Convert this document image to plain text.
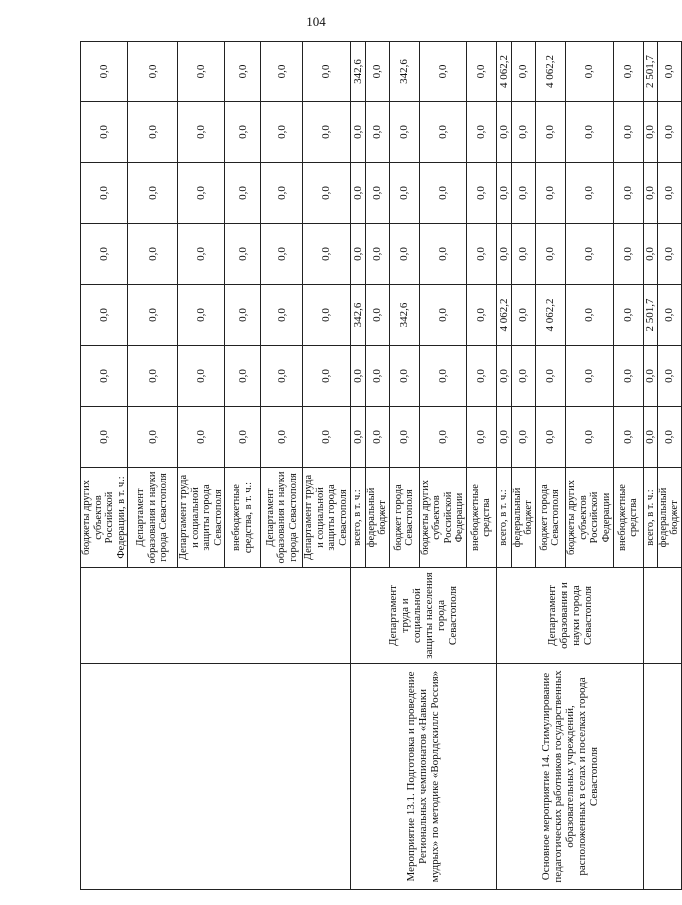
104
		бюджеты других субъектов Российской Федерации, в т. ч.:	0,0	0,0	0,0	0,0	0,0	0,0	0,0
		Департамент образования и науки города Севастополя	0,0	0,0	0,0	0,0	0,0	0,0	0,0
		Департамент труда и социальной защиты города Севастополя	0,0	0,0	0,0	0,0	0,0	0,0	0,0
		внебюджетные средства, в т. ч.:	0,0	0,0	0,0	0,0	0,0	0,0	0,0
		Департамент образования и науки города Севастополя	0,0	0,0	0,0	0,0	0,0	0,0	0,0
		Департамент труда и социальной защиты города Севастополя	0,0	0,0	0,0	0,0	0,0	0,0	0,0
Мероприятие 13.1. Подготовка и проведение Региональных чемпионатов «Навыки мудрых» по методике «Ворлдскиллс Россия»	Департамент труда и социальной защиты населения города Севастополя	всего, в т. ч.:	0,0	0,0	342,6	0,0	0,0	0,0	342,6
		федеральный бюджет	0,0	0,0	0,0	0,0	0,0	0,0	0,0
		бюджет города Севастополя	0,0	0,0	342,6	0,0	0,0	0,0	342,6
		бюджеты других субъектов Российской Федерации	0,0	0,0	0,0	0,0	0,0	0,0	0,0
		внебюджетные средства	0,0	0,0	0,0	0,0	0,0	0,0	0,0
Основное мероприятие 14. Стимулирование педагогических работников государственных образовательных учреждений, расположенных в селах и поселках города Севастополя	Департамент образования и науки города Севастополя	всего, в т. ч.:	0,0	0,0	4 062,2	0,0	0,0	0,0	4 062,2
		федеральный бюджет	0,0	0,0	0,0	0,0	0,0	0,0	0,0
		бюджет города Севастополя	0,0	0,0	4 062,2	0,0	0,0	0,0	4 062,2
		бюджеты других субъектов Российской Федерации	0,0	0,0	0,0	0,0	0,0	0,0	0,0
		внебюджетные средства	0,0	0,0	0,0	0,0	0,0	0,0	0,0
		всего, в т. ч.:	0,0	0,0	2 501,7	0,0	0,0	0,0	2 501,7
		федеральный бюджет	0,0	0,0	0,0	0,0	0,0	0,0	0,0
